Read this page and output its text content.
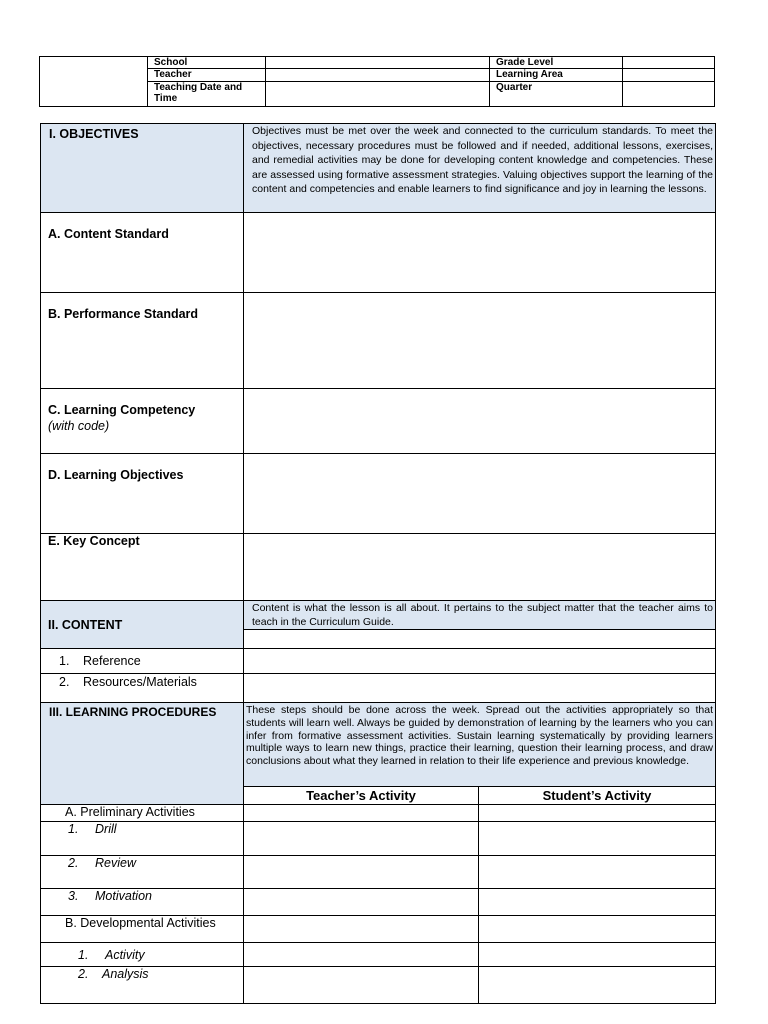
	School		Grade Level	
	Teacher		Learning Area	
	Teaching Date and Time		Quarter	
I. OBJECTIVES	Objectives must be met over the week and connected to the curriculum standards. To meet the objectives, necessary procedures must be followed and if needed, additional lessons, exercises, and remedial activities may be done for developing content knowledge and competencies. These are assessed using formative assessment strategies. Valuing objectives support the learning of the content and competencies and enable learners to find significance and joy in learning the lessons.	
A. Content Standard		
B. Performance Standard		
C. Learning Competency
(with code)		

D. Learning Objectives		
E. Key Concept		
II. CONTENT	Content is what the lesson is all about. It pertains to the subject matter that the teacher aims to teach in the Curriculum Guide.	

1. Reference		
2. Resources/Materials		
III. LEARNING PROCEDURES	These steps should be done across the week. Spread out the activities appropriately so that students will learn well. Always be guided by demonstration of learning by the learners who you can infer from formative assessment activities. Sustain learning systematically by providing learners multiple ways to learn new things, practice their learning, question their learning process, and draw conclusions about what they learned in relation to their life experience and previous knowledge.	
	Teacher’s Activity	Student’s Activity
A. Preliminary Activities		
1. Drill		
2. Review		
3. Motivation		
B. Developmental Activities		
1. Activity		
2. Analysis		
